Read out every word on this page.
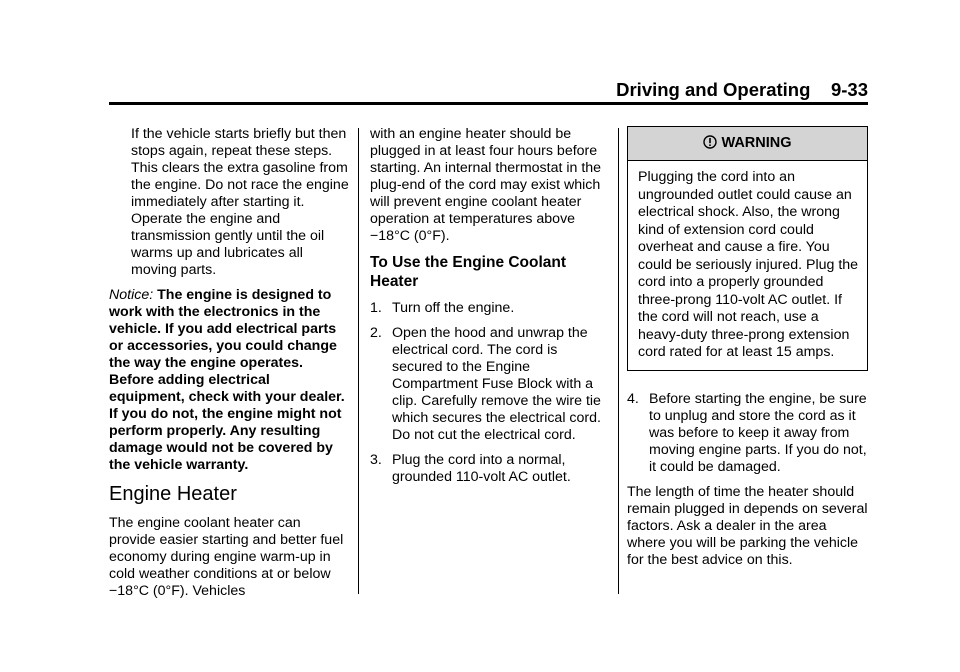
Driving and Operating 9-33
If the vehicle starts briefly but then stops again, repeat these steps. This clears the extra gasoline from the engine. Do not race the engine immediately after starting it. Operate the engine and transmission gently until the oil warms up and lubricates all moving parts.
Notice: The engine is designed to work with the electronics in the vehicle. If you add electrical parts or accessories, you could change the way the engine operates. Before adding electrical equipment, check with your dealer. If you do not, the engine might not perform properly. Any resulting damage would not be covered by the vehicle warranty.
Engine Heater
The engine coolant heater can provide easier starting and better fuel economy during engine warm-up in cold weather conditions at or below −18°C (0°F). Vehicles
with an engine heater should be plugged in at least four hours before starting. An internal thermostat in the plug-end of the cord may exist which will prevent engine coolant heater operation at temperatures above −18°C (0°F).
To Use the Engine Coolant Heater
1. Turn off the engine.
2. Open the hood and unwrap the electrical cord. The cord is secured to the Engine Compartment Fuse Block with a clip. Carefully remove the wire tie which secures the electrical cord. Do not cut the electrical cord.
3. Plug the cord into a normal, grounded 110-volt AC outlet.
WARNING
Plugging the cord into an ungrounded outlet could cause an electrical shock. Also, the wrong kind of extension cord could overheat and cause a fire. You could be seriously injured. Plug the cord into a properly grounded three-prong 110-volt AC outlet. If the cord will not reach, use a heavy-duty three-prong extension cord rated for at least 15 amps.
4. Before starting the engine, be sure to unplug and store the cord as it was before to keep it away from moving engine parts. If you do not, it could be damaged.
The length of time the heater should remain plugged in depends on several factors. Ask a dealer in the area where you will be parking the vehicle for the best advice on this.
